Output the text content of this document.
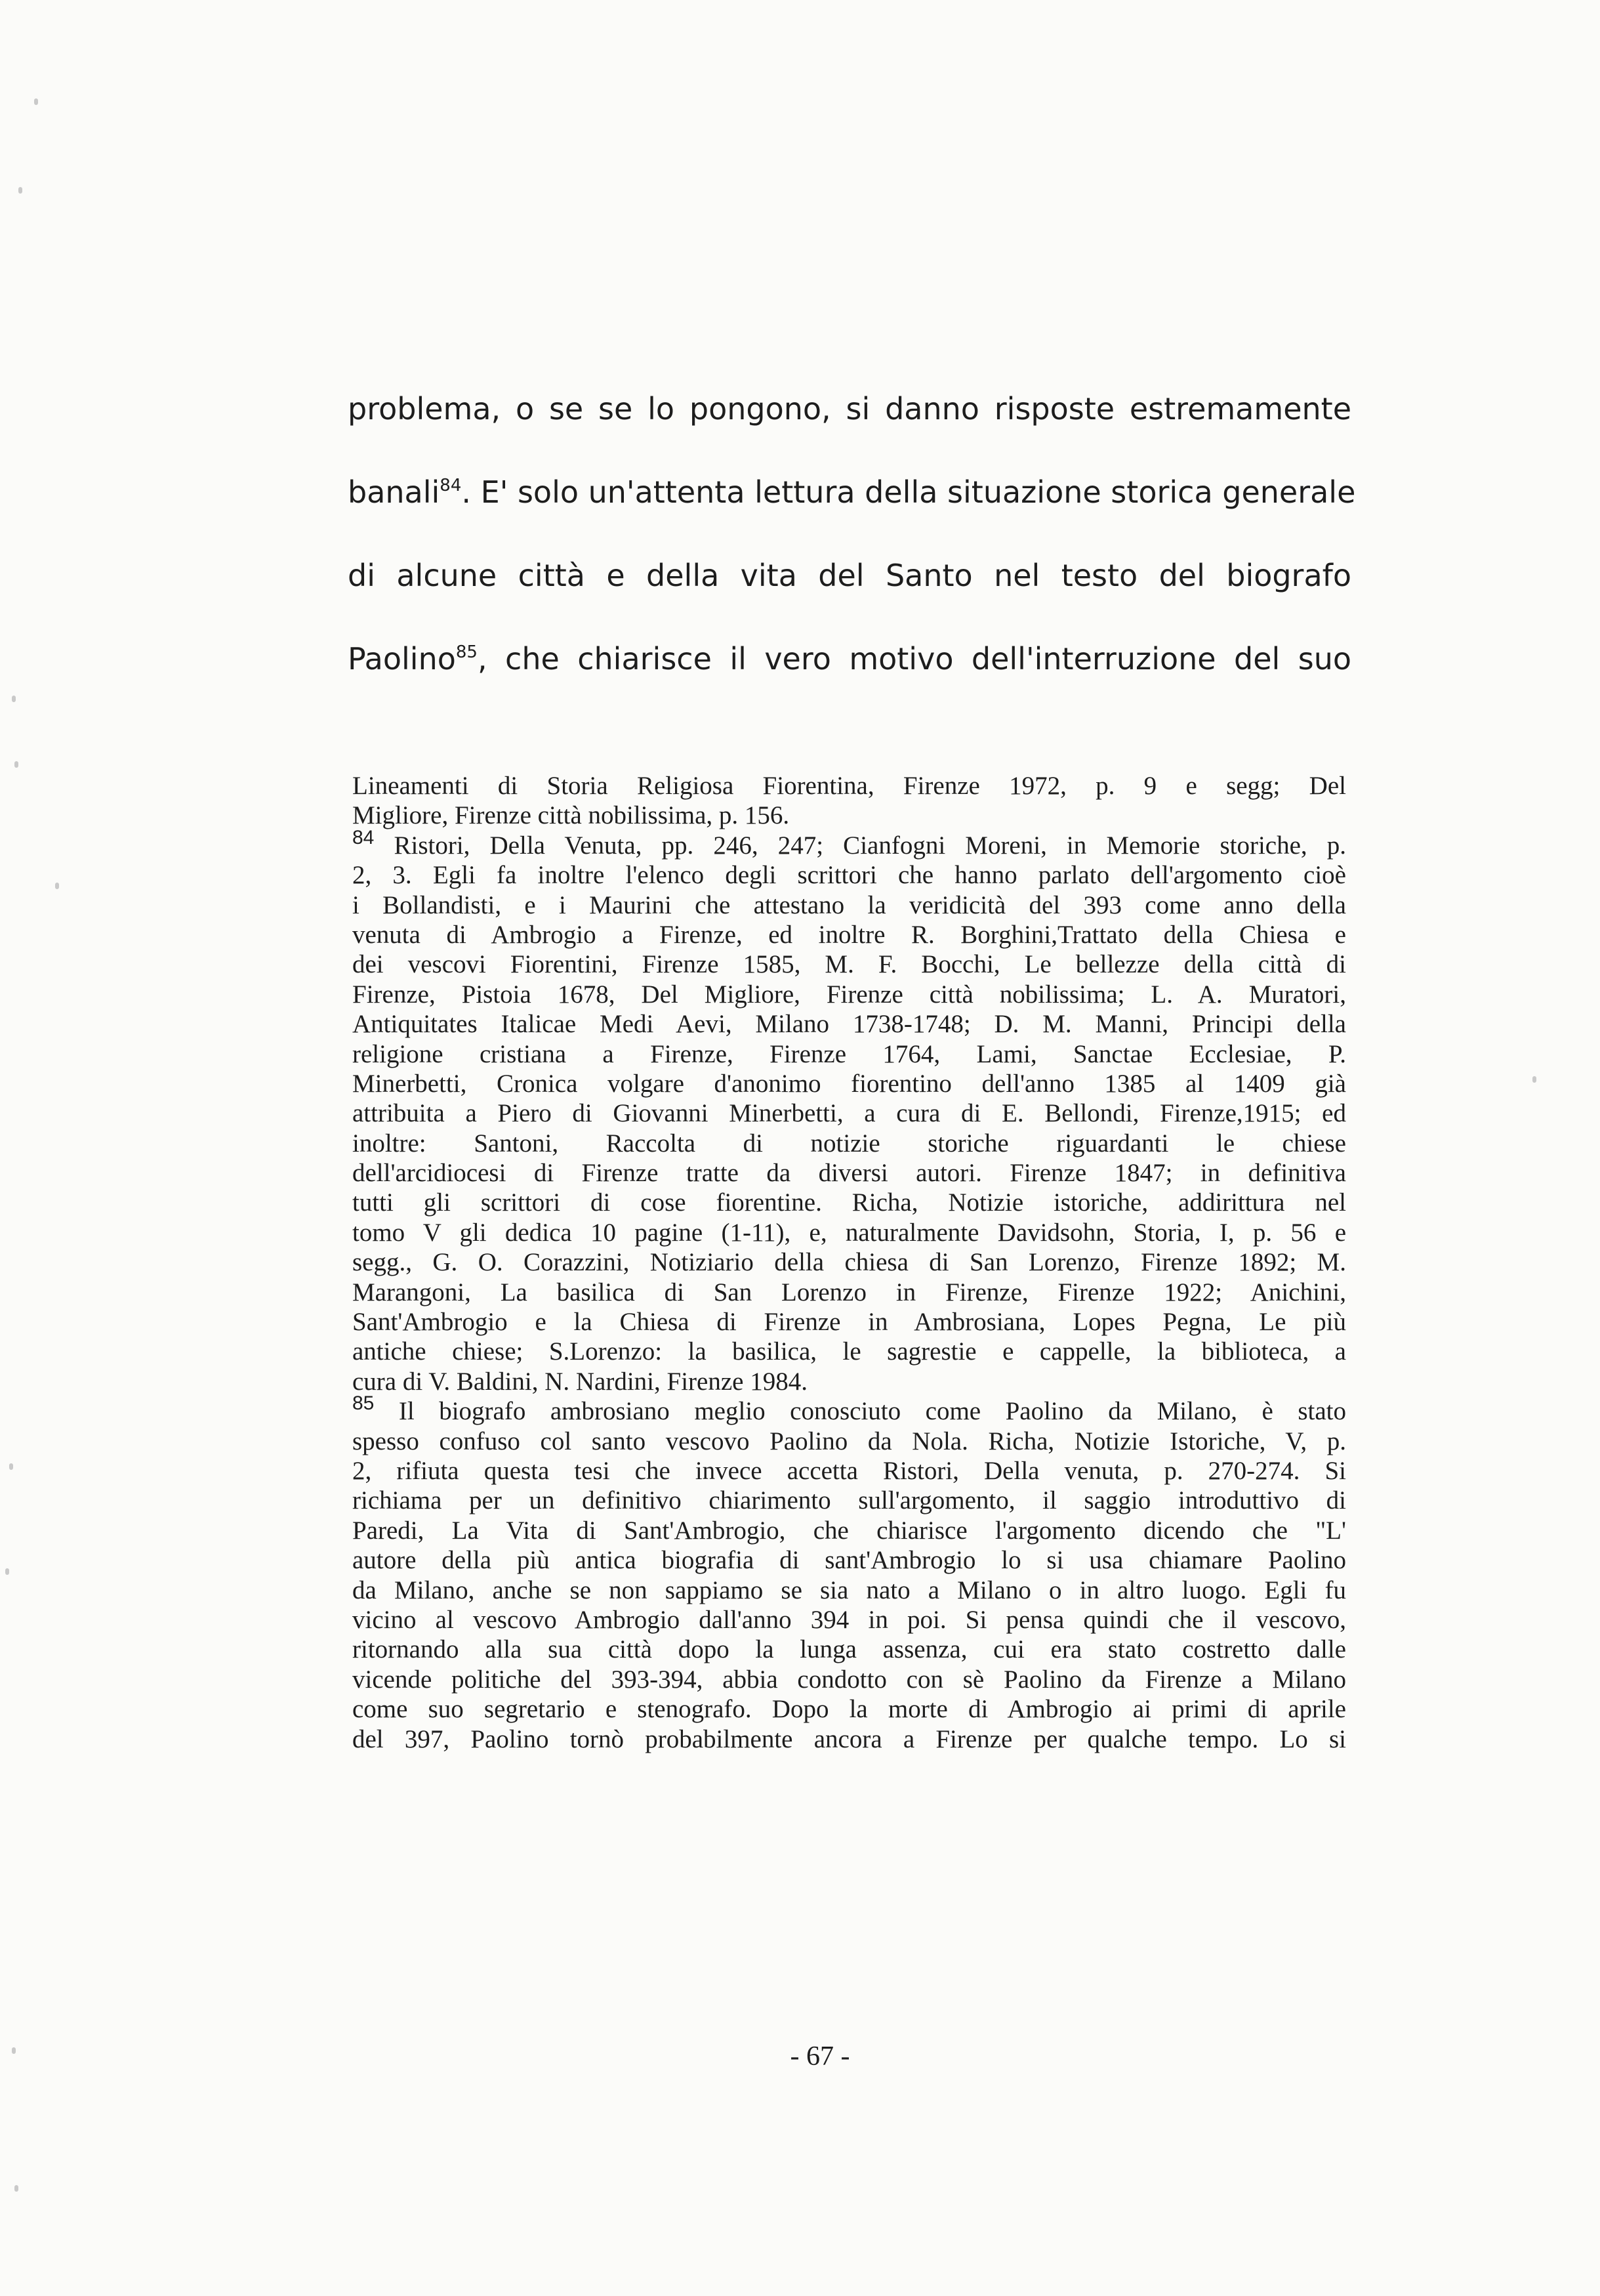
problema, o se se lo pongono, si danno risposte estremamente
banali$^{84}$. E' solo un'attenta lettura della situazione storica generale
di alcune città e della vita del Santo nel testo del biografo
Paolino$^{85}$, che chiarisce il vero motivo dell'interruzione del suo
Lineamenti di Storia Religiosa Fiorentina, Firenze 1972, p. 9 e segg; Del
Migliore, Firenze città nobilissima, p. 156.
$^{84}$ Ristori, Della Venuta, pp. 246, 247; Cianfogni Moreni, in Memorie storiche, p.
2, 3. Egli fa inoltre l'elenco degli scrittori che hanno parlato dell'argomento cioè
i Bollandisti, e i Maurini che attestano la veridicità del 393 come anno della
venuta di Ambrogio a Firenze, ed inoltre R. Borghini,Trattato della Chiesa e
dei vescovi Fiorentini, Firenze 1585, M. F. Bocchi, Le bellezze della città di
Firenze, Pistoia 1678, Del Migliore, Firenze città nobilissima; L. A. Muratori,
Antiquitates Italicae Medi Aevi, Milano 1738-1748; D. M. Manni, Principi della
religione cristiana a Firenze, Firenze 1764, Lami, Sanctae Ecclesiae, P.
Minerbetti, Cronica volgare d'anonimo fiorentino dell'anno 1385 al 1409 già
attribuita a Piero di Giovanni Minerbetti, a cura di E. Bellondi, Firenze,1915; ed
inoltre: Santoni, Raccolta di notizie storiche riguardanti le chiese
dell'arcidiocesi di Firenze tratte da diversi autori. Firenze 1847; in definitiva
tutti gli scrittori di cose fiorentine. Richa, Notizie istoriche, addirittura nel
tomo V gli dedica 10 pagine (1-11), e, naturalmente Davidsohn, Storia, I, p. 56 e
segg., G. O. Corazzini, Notiziario della chiesa di San Lorenzo, Firenze 1892; M.
Marangoni, La basilica di San Lorenzo in Firenze, Firenze 1922; Anichini,
Sant'Ambrogio e la Chiesa di Firenze in Ambrosiana, Lopes Pegna, Le più
antiche chiese; S.Lorenzo: la basilica, le sagrestie e cappelle, la biblioteca, a
cura di V. Baldini, N. Nardini, Firenze 1984.
$^{85}$ Il biografo ambrosiano meglio conosciuto come Paolino da Milano, è stato
spesso confuso col santo vescovo Paolino da Nola. Richa, Notizie Istoriche, V, p.
2, rifiuta questa tesi che invece accetta Ristori, Della venuta, p. 270-274. Si
richiama per un definitivo chiarimento sull'argomento, il saggio introduttivo di
Paredi, La Vita di Sant'Ambrogio, che chiarisce l'argomento dicendo che "L'
autore della più antica biografia di sant'Ambrogio lo si usa chiamare Paolino
da Milano, anche se non sappiamo se sia nato a Milano o in altro luogo. Egli fu
vicino al vescovo Ambrogio dall'anno 394 in poi. Si pensa quindi che il vescovo,
ritornando alla sua città dopo la lunga assenza, cui era stato costretto dalle
vicende politiche del 393-394, abbia condotto con sè Paolino da Firenze a Milano
come suo segretario e stenografo. Dopo la morte di Ambrogio ai primi di aprile
del 397, Paolino tornò probabilmente ancora a Firenze per qualche tempo. Lo si
- 67 -
